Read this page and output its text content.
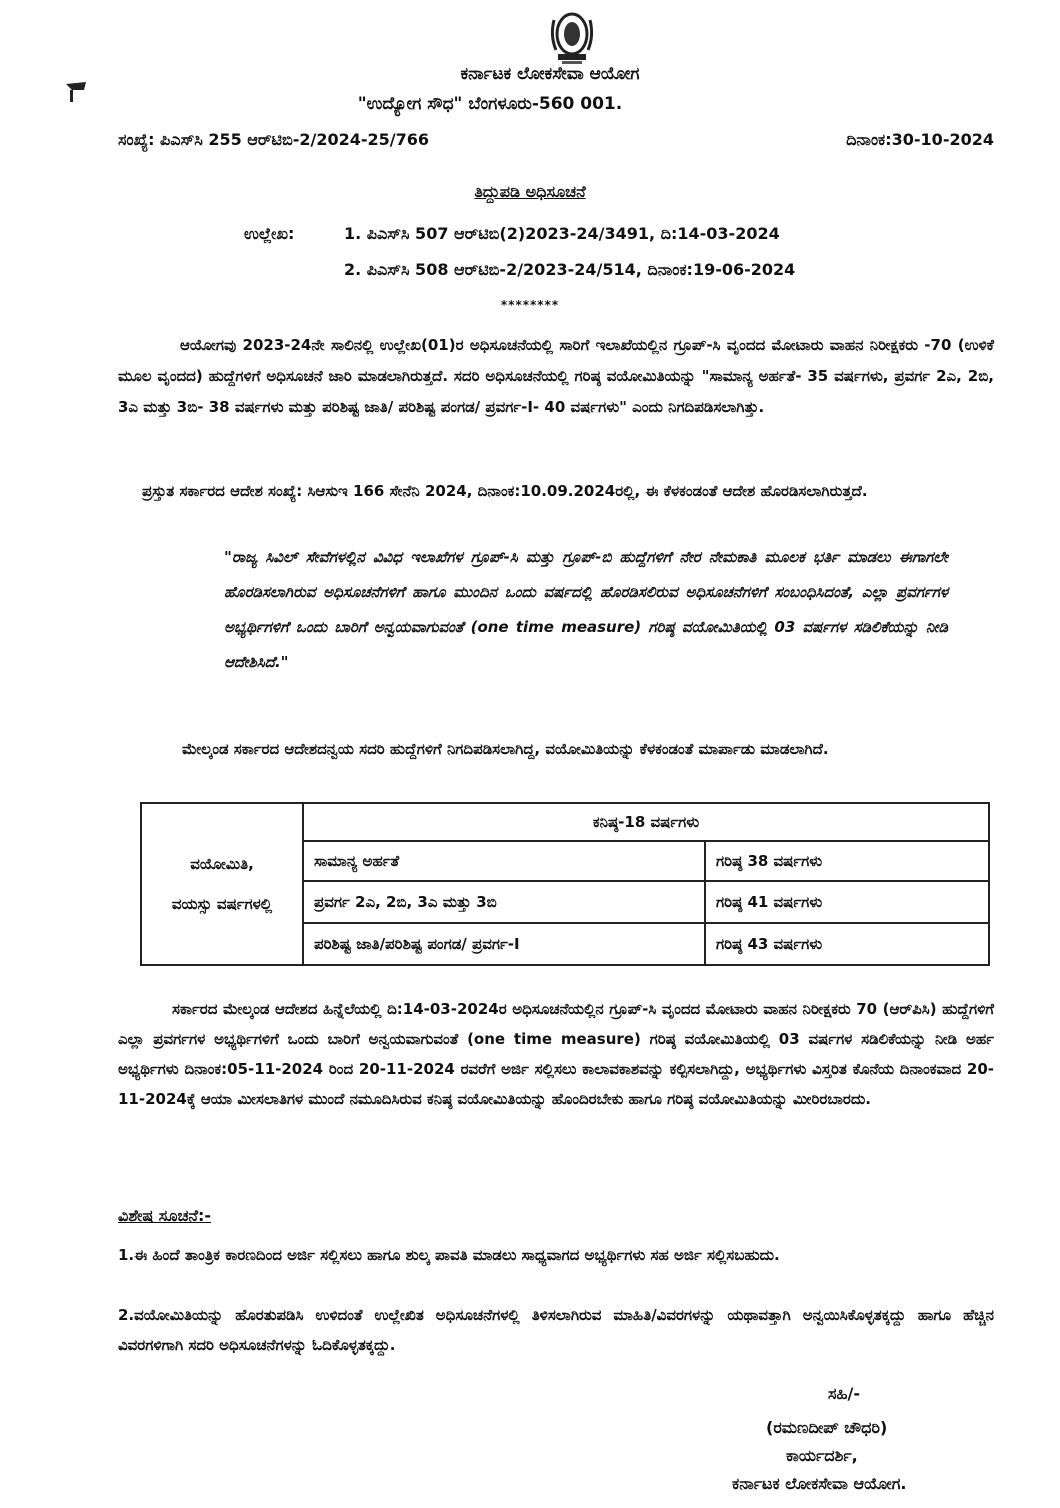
ಕರ್ನಾಟಕ ಲೋಕಸೇವಾ ಆಯೋಗ
"ಉದ್ಯೋಗ ಸೌಧ" ಬೆಂಗಳೂರು-560 001.
ಸಂಖ್ಯೆ: ಪಿಎಸ್‌ಸಿ 255 ಆರ್‌ಟಿಬಿ-2/2024-25/766	ದಿನಾಂಕ:30-10-2024
ತಿದ್ದುಪಡಿ ಅಧಿಸೂಚನೆ
ಉಲ್ಲೇಖ:	1. ಪಿಎಸ್‌ಸಿ 507 ಆರ್‌ಟಿಬಿ(2)2023-24/3491, ದಿ:14-03-2024
2. ಪಿಎಸ್‌ಸಿ 508 ಆರ್‌ಟಿಬಿ-2/2023-24/514, ದಿನಾಂಕ:19-06-2024
********
ಆಯೋಗವು 2023-24ನೇ ಸಾಲಿನಲ್ಲಿ ಉಲ್ಲೇಖ(01)ರ ಅಧಿಸೂಚನೆಯಲ್ಲಿ ಸಾರಿಗೆ ಇಲಾಖೆಯಲ್ಲಿನ ಗ್ರೂಪ್-ಸಿ ವೃಂದದ ಮೋಟಾರು ವಾಹನ ನಿರೀಕ್ಷಕರು -70 (ಉಳಿಕೆ ಮೂಲ ವೃಂದದ) ಹುದ್ದೆಗಳಿಗೆ ಅಧಿಸೂಚನೆ ಜಾರಿ ಮಾಡಲಾಗಿರುತ್ತದೆ. ಸದರಿ ಅಧಿಸೂಚನೆಯಲ್ಲಿ ಗರಿಷ್ಠ ವಯೋಮಿತಿಯನ್ನು "ಸಾಮಾನ್ಯ ಅರ್ಹತೆ- 35 ವರ್ಷಗಳು, ಪ್ರವರ್ಗ 2ಎ, 2ಬಿ, 3ಎ ಮತ್ತು 3ಬಿ- 38 ವರ್ಷಗಳು ಮತ್ತು ಪರಿಶಿಷ್ಟ ಜಾತಿ/ ಪರಿಶಿಷ್ಟ ಪಂಗಡ/ ಪ್ರವರ್ಗ-I- 40 ವರ್ಷಗಳು" ಎಂದು ನಿಗದಿಪಡಿಸಲಾಗಿತ್ತು.
ಪ್ರಸ್ತುತ ಸರ್ಕಾರದ ಆದೇಶ ಸಂಖ್ಯೆ: ಸಿಆಸುಇ 166 ಸೇನೆನಿ 2024, ದಿನಾಂಕ:10.09.2024ರಲ್ಲಿ, ಈ ಕೆಳಕಂಡಂತೆ ಆದೇಶ ಹೊರಡಿಸಲಾಗಿರುತ್ತದೆ.
"ರಾಜ್ಯ ಸಿವಿಲ್ ಸೇವೆಗಳಲ್ಲಿನ ವಿವಿಧ ಇಲಾಖೆಗಳ ಗ್ರೂಪ್-ಸಿ ಮತ್ತು ಗ್ರೂಪ್-ಬಿ ಹುದ್ದೆಗಳಿಗೆ ನೇರ ನೇಮಕಾತಿ ಮೂಲಕ ಭರ್ತಿ ಮಾಡಲು ಈಗಾಗಲೇ ಹೊರಡಿಸಲಾಗಿರುವ ಅಧಿಸೂಚನೆಗಳಿಗೆ ಹಾಗೂ ಮುಂದಿನ ಒಂದು ವರ್ಷದಲ್ಲಿ ಹೊರಡಿಸಲಿರುವ ಅಧಿಸೂಚನೆಗಳಿಗೆ ಸಂಬಂಧಿಸಿದಂತೆ, ಎಲ್ಲಾ ಪ್ರವರ್ಗಗಳ ಅಭ್ಯರ್ಥಿಗಳಿಗೆ ಒಂದು ಬಾರಿಗೆ ಅನ್ವಯವಾಗುವಂತೆ (one time measure) ಗರಿಷ್ಠ ವಯೋಮಿತಿಯಲ್ಲಿ 03 ವರ್ಷಗಳ ಸಡಿಲಿಕೆಯನ್ನು ನೀಡಿ ಆದೇಶಿಸಿದೆ."
ಮೇಲ್ಕಂಡ ಸರ್ಕಾರದ ಆದೇಶದನ್ವಯ ಸದರಿ ಹುದ್ದೆಗಳಿಗೆ ನಿಗದಿಪಡಿಸಲಾಗಿದ್ದ, ವಯೋಮಿತಿಯನ್ನು ಕೆಳಕಂಡಂತೆ ಮಾರ್ಪಾಡು ಮಾಡಲಾಗಿದೆ.
ವಯೋಮಿತಿ,
ವಯಸ್ಸು ವರ್ಷಗಳಲ್ಲಿ	ಕನಿಷ್ಠ-18 ವರ್ಷಗಳು	
	ಸಾಮಾನ್ಯ ಅರ್ಹತೆ	ಗರಿಷ್ಠ 38 ವರ್ಷಗಳು
	ಪ್ರವರ್ಗ 2ಎ, 2ಬಿ, 3ಎ ಮತ್ತು 3ಬಿ	ಗರಿಷ್ಠ 41 ವರ್ಷಗಳು
	ಪರಿಶಿಷ್ಟ ಜಾತಿ/ಪರಿಶಿಷ್ಟ ಪಂಗಡ/ ಪ್ರವರ್ಗ-I	ಗರಿಷ್ಠ 43 ವರ್ಷಗಳು
ಸರ್ಕಾರದ ಮೇಲ್ಕಂಡ ಆದೇಶದ ಹಿನ್ನೆಲೆಯಲ್ಲಿ ದಿ:14-03-2024ರ ಅಧಿಸೂಚನೆಯಲ್ಲಿನ ಗ್ರೂಪ್-ಸಿ ವೃಂದದ ಮೋಟಾರು ವಾಹನ ನಿರೀಕ್ಷಕರು 70 (ಆರ್‌ಪಿಸಿ) ಹುದ್ದೆಗಳಿಗೆ ಎಲ್ಲಾ ಪ್ರವರ್ಗಗಳ ಅಭ್ಯರ್ಥಿಗಳಿಗೆ ಒಂದು ಬಾರಿಗೆ ಅನ್ವಯವಾಗುವಂತೆ (one time measure) ಗರಿಷ್ಠ ವಯೋಮಿತಿಯಲ್ಲಿ 03 ವರ್ಷಗಳ ಸಡಿಲಿಕೆಯನ್ನು ನೀಡಿ ಅರ್ಹ ಅಭ್ಯರ್ಥಿಗಳು ದಿನಾಂಕ:05-11-2024 ರಿಂದ 20-11-2024 ರವರೆಗೆ ಅರ್ಜಿ ಸಲ್ಲಿಸಲು ಕಾಲಾವಕಾಶವನ್ನು ಕಲ್ಪಿಸಲಾಗಿದ್ದು, ಅಭ್ಯರ್ಥಿಗಳು ವಿಸ್ತರಿತ ಕೊನೆಯ ದಿನಾಂಕವಾದ 20-11-2024ಕ್ಕೆ ಆಯಾ ಮೀಸಲಾತಿಗಳ ಮುಂದೆ ನಮೂದಿಸಿರುವ ಕನಿಷ್ಠ ವಯೋಮಿತಿಯನ್ನು ಹೊಂದಿರಬೇಕು ಹಾಗೂ ಗರಿಷ್ಠ ವಯೋಮಿತಿಯನ್ನು ಮೀರಿರಬಾರದು.
ವಿಶೇಷ ಸೂಚನೆ:-
1.ಈ ಹಿಂದೆ ತಾಂತ್ರಿಕ ಕಾರಣದಿಂದ ಅರ್ಜಿ ಸಲ್ಲಿಸಲು ಹಾಗೂ ಶುಲ್ಕ ಪಾವತಿ ಮಾಡಲು ಸಾಧ್ಯವಾಗದ ಅಭ್ಯರ್ಥಿಗಳು ಸಹ ಅರ್ಜಿ ಸಲ್ಲಿಸಬಹುದು.
2.ವಯೋಮಿತಿಯನ್ನು ಹೊರತುಪಡಿಸಿ ಉಳಿದಂತೆ ಉಲ್ಲೇಖಿತ ಅಧಿಸೂಚನೆಗಳಲ್ಲಿ ತಿಳಿಸಲಾಗಿರುವ ಮಾಹಿತಿ/ವಿವರಗಳನ್ನು ಯಥಾವತ್ತಾಗಿ ಅನ್ವಯಿಸಿಕೊಳ್ಳತಕ್ಕದ್ದು ಹಾಗೂ ಹೆಚ್ಚಿನ ವಿವರಗಳಿಗಾಗಿ ಸದರಿ ಅಧಿಸೂಚನೆಗಳನ್ನು ಓದಿಕೊಳ್ಳತಕ್ಕದ್ದು.
ಸಹಿ/-
(ರಮಣದೀಪ್ ಚೌಧರಿ)
ಕಾರ್ಯದರ್ಶಿ,
ಕರ್ನಾಟಕ ಲೋಕಸೇವಾ ಆಯೋಗ.
